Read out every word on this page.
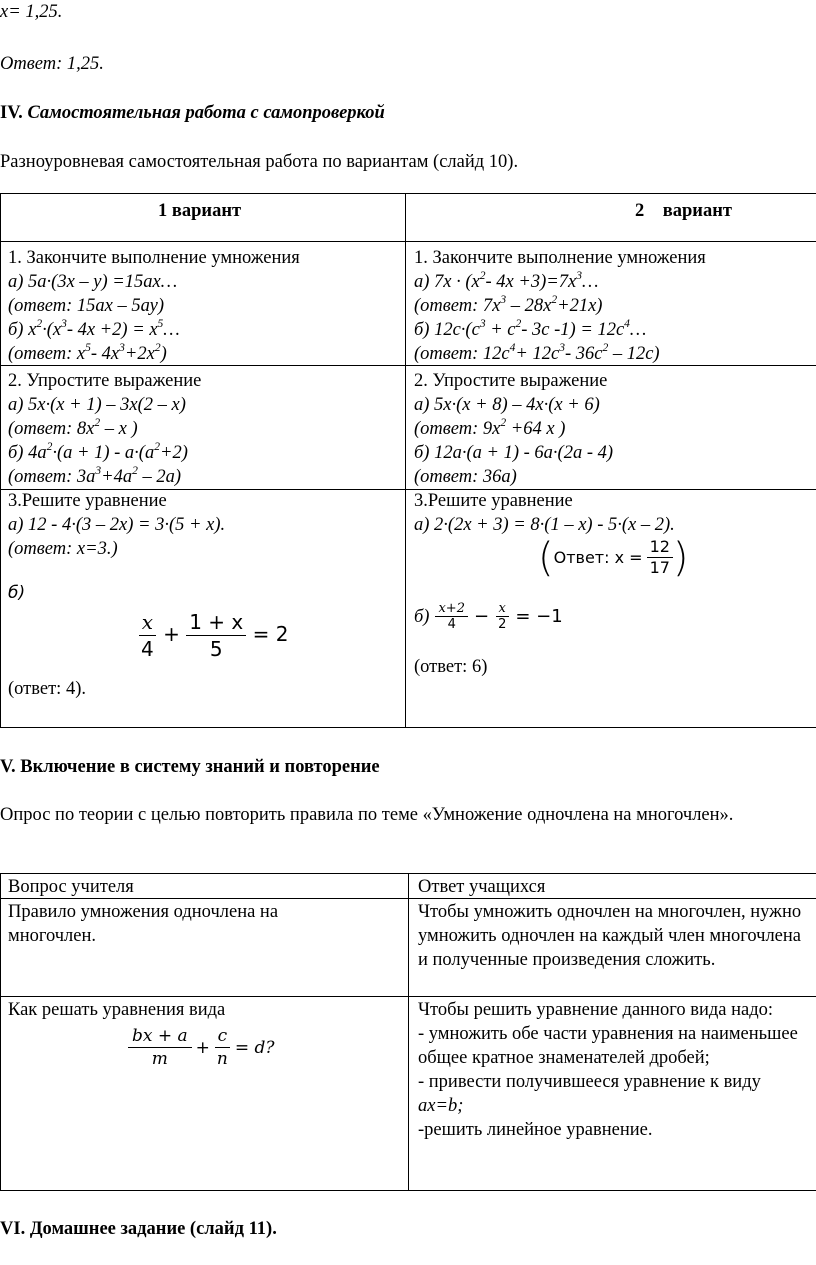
x= 1,25.
Ответ: 1,25.
IV. Самостоятельная работа с самопроверкой
Разноуровневая самостоятельная работа по вариантам (слайд 10).
1 вариант	2 вариант
1. Закончите выполнение умножения
а) 5а·(3х – у) =15ах…
(ответ: 15ах – 5ау)
б) $х^2\cdot(х^3-$ $4х +2) = х^5\dots$
(ответ: $х^5-$ $4х^3+2х^2$)
1. Закончите выполнение умножения
а) $7х \cdot (х^2-$ $4х +3)=7х^3\dots$
(ответ: $7х^3 - 28х^2+21х$)
б) $12с\cdot(с^3 + с^2-$ 3с $-1) = 12с^4\dots$
(ответ: $12с^4+ 12с^3-$ $36с^2 - 12с$)
2. Упростите выражение
а) 5х·(х + 1) – 3х(2 – х)
(ответ: $8х^2$ – х )
б) $4а^2\cdot(а + 1) - а\cdot(а^2+2)$
(ответ: $3а^3+4а^2 - 2а$)
2. Упростите выражение
а) 5х·(х + 8) – 4х·(х + 6)
(ответ: $9х^2 +64$ х )
б) 12а·(а + 1) - 6а·(2а - 4)
(ответ: 36а)
3.Решите уравнение
а) 12 - 4·(3 – 2х) = 3·(5 + х).
(ответ: х=3.)
б)
$\frac{x}{4} + \frac{1 + x}{5} = 2$
(ответ: 4).
3.Решите уравнение
а) 2·(2х + 3) = 8·(1 – х) - 5·(х – 2).
( Ответ: $x = \frac{12}{17}$ )
$б) \frac{x+2}{4} - \frac{x}{2} = -1$
(ответ: 6)
V. Включение в систему знаний и повторение
Опрос по теории с целью повторить правила по теме «Умножение одночлена на многочлен».
Вопрос учителя	Ответ учащихся
Правило умножения одночлена на многочлен.
Чтобы умножить одночлен на многочлен, нужно умножить одночлен на каждый член многочлена и полученные произведения сложить.
Как решать уравнения вида
$\frac{bx + a}{m} + \frac{c}{n} = d$?
Чтобы решить уравнение данного вида надо:
- умножить обе части уравнения на наименьшее общее кратное знаменателей дробей;
- привести получившееся уравнение к виду
ax=b;
-решить линейное уравнение.
VI. Домашнее задание (слайд 11).
